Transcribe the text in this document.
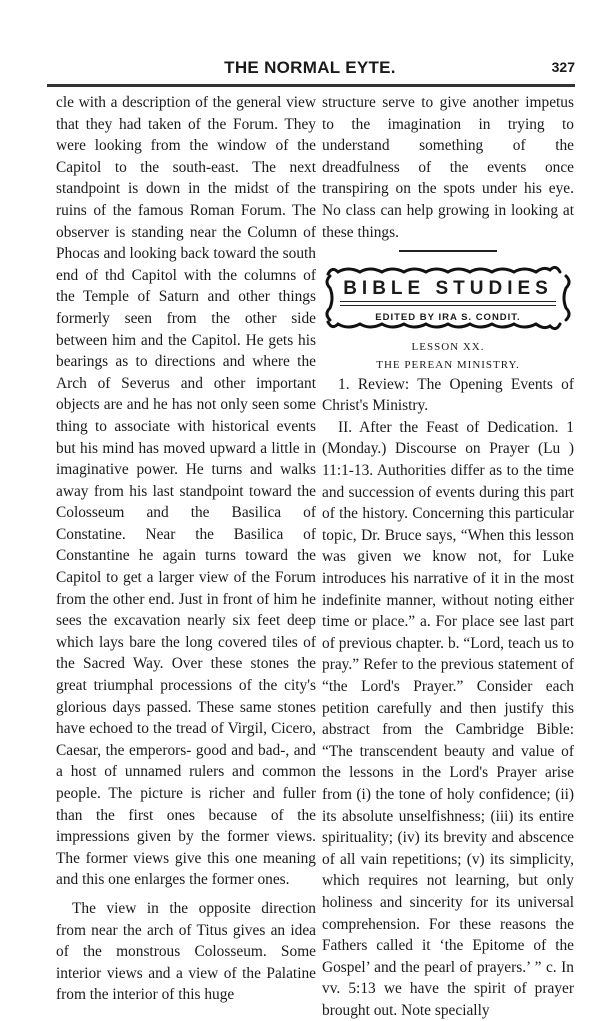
THE NORMAL EYTE.	327

cle with a description of the general view that they had taken of the Forum. They were looking from the window of the Capitol to the south-east. The next standpoint is down in the midst of the ruins of the famous Roman Forum. The observer is standing near the Column of Phocas and looking back toward the south end of thd Capitol with the columns of the Temple of Saturn and other things formerly seen from the other side between him and the Capitol. He gets his bearings as to directions and where the Arch of Severus and other important objects are and he has not only seen some thing to associate with historical events but his mind has moved upward a little in imaginative power. He turns and walks away from his last standpoint toward the Colosseum and the Basilica of Constatine. Near the Basilica of Constantine he again turns toward the Capitol to get a larger view of the Forum from the other end. Just in front of him he sees the excavation nearly six feet deep which lays bare the long covered tiles of the Sacred Way. Over these stones the great triumphal processions of the city's glorious days passed. These same stones have echoed to the tread of Virgil, Cicero, Caesar, the emperors- good and bad-, and a host of unnamed rulers and common people. The picture is richer and fuller than the first ones because of the impressions given by the former views. The former views give this one meaning and this one enlarges the former ones.

The view in the opposite direction from near the arch of Titus gives an idea of the monstrous Colosseum. Some interior views and a view of the Palatine from the interior of this huge

structure serve to give another impetus to the imagination in trying to understand something of the dreadfulness of the events once transpiring on the spots under his eye. No class can help growing in looking at these things.

BIBLE STUDIES
EDITED BY IRA S. CONDIT.
LESSON XX.
THE PEREAN MINISTRY.

1. Review: The Opening Events of Christ's Ministry.

II. After the Feast of Dedication. 1 (Monday.) Discourse on Prayer (Lu ) 11:1-13. Authorities differ as to the time and succession of events during this part of the history. Concerning this particular topic, Dr. Bruce says, “When this lesson was given we know not, for Luke introduces his narrative of it in the most indefinite manner, without noting either time or place.” a. For place see last part of previous chapter. b. “Lord, teach us to pray.” Refer to the previous statement of “the Lord's Prayer.” Consider each petition carefully and then justify this abstract from the Cambridge Bible: “The transcendent beauty and value of the lessons in the Lord's Prayer arise from (i) the tone of holy confidence; (ii) its absolute unselfishness; (iii) its entire spirituality; (iv) its brevity and abscence of all vain repetitions; (v) its simplicity, which requires not learning, but only holiness and sincerity for its universal comprehension. For these reasons the Fathers called it ‘the Epitome of the Gospel’ and the pearl of prayers.’ ” c. In vv. 5:13 we have the spirit of prayer brought out. Note specially
